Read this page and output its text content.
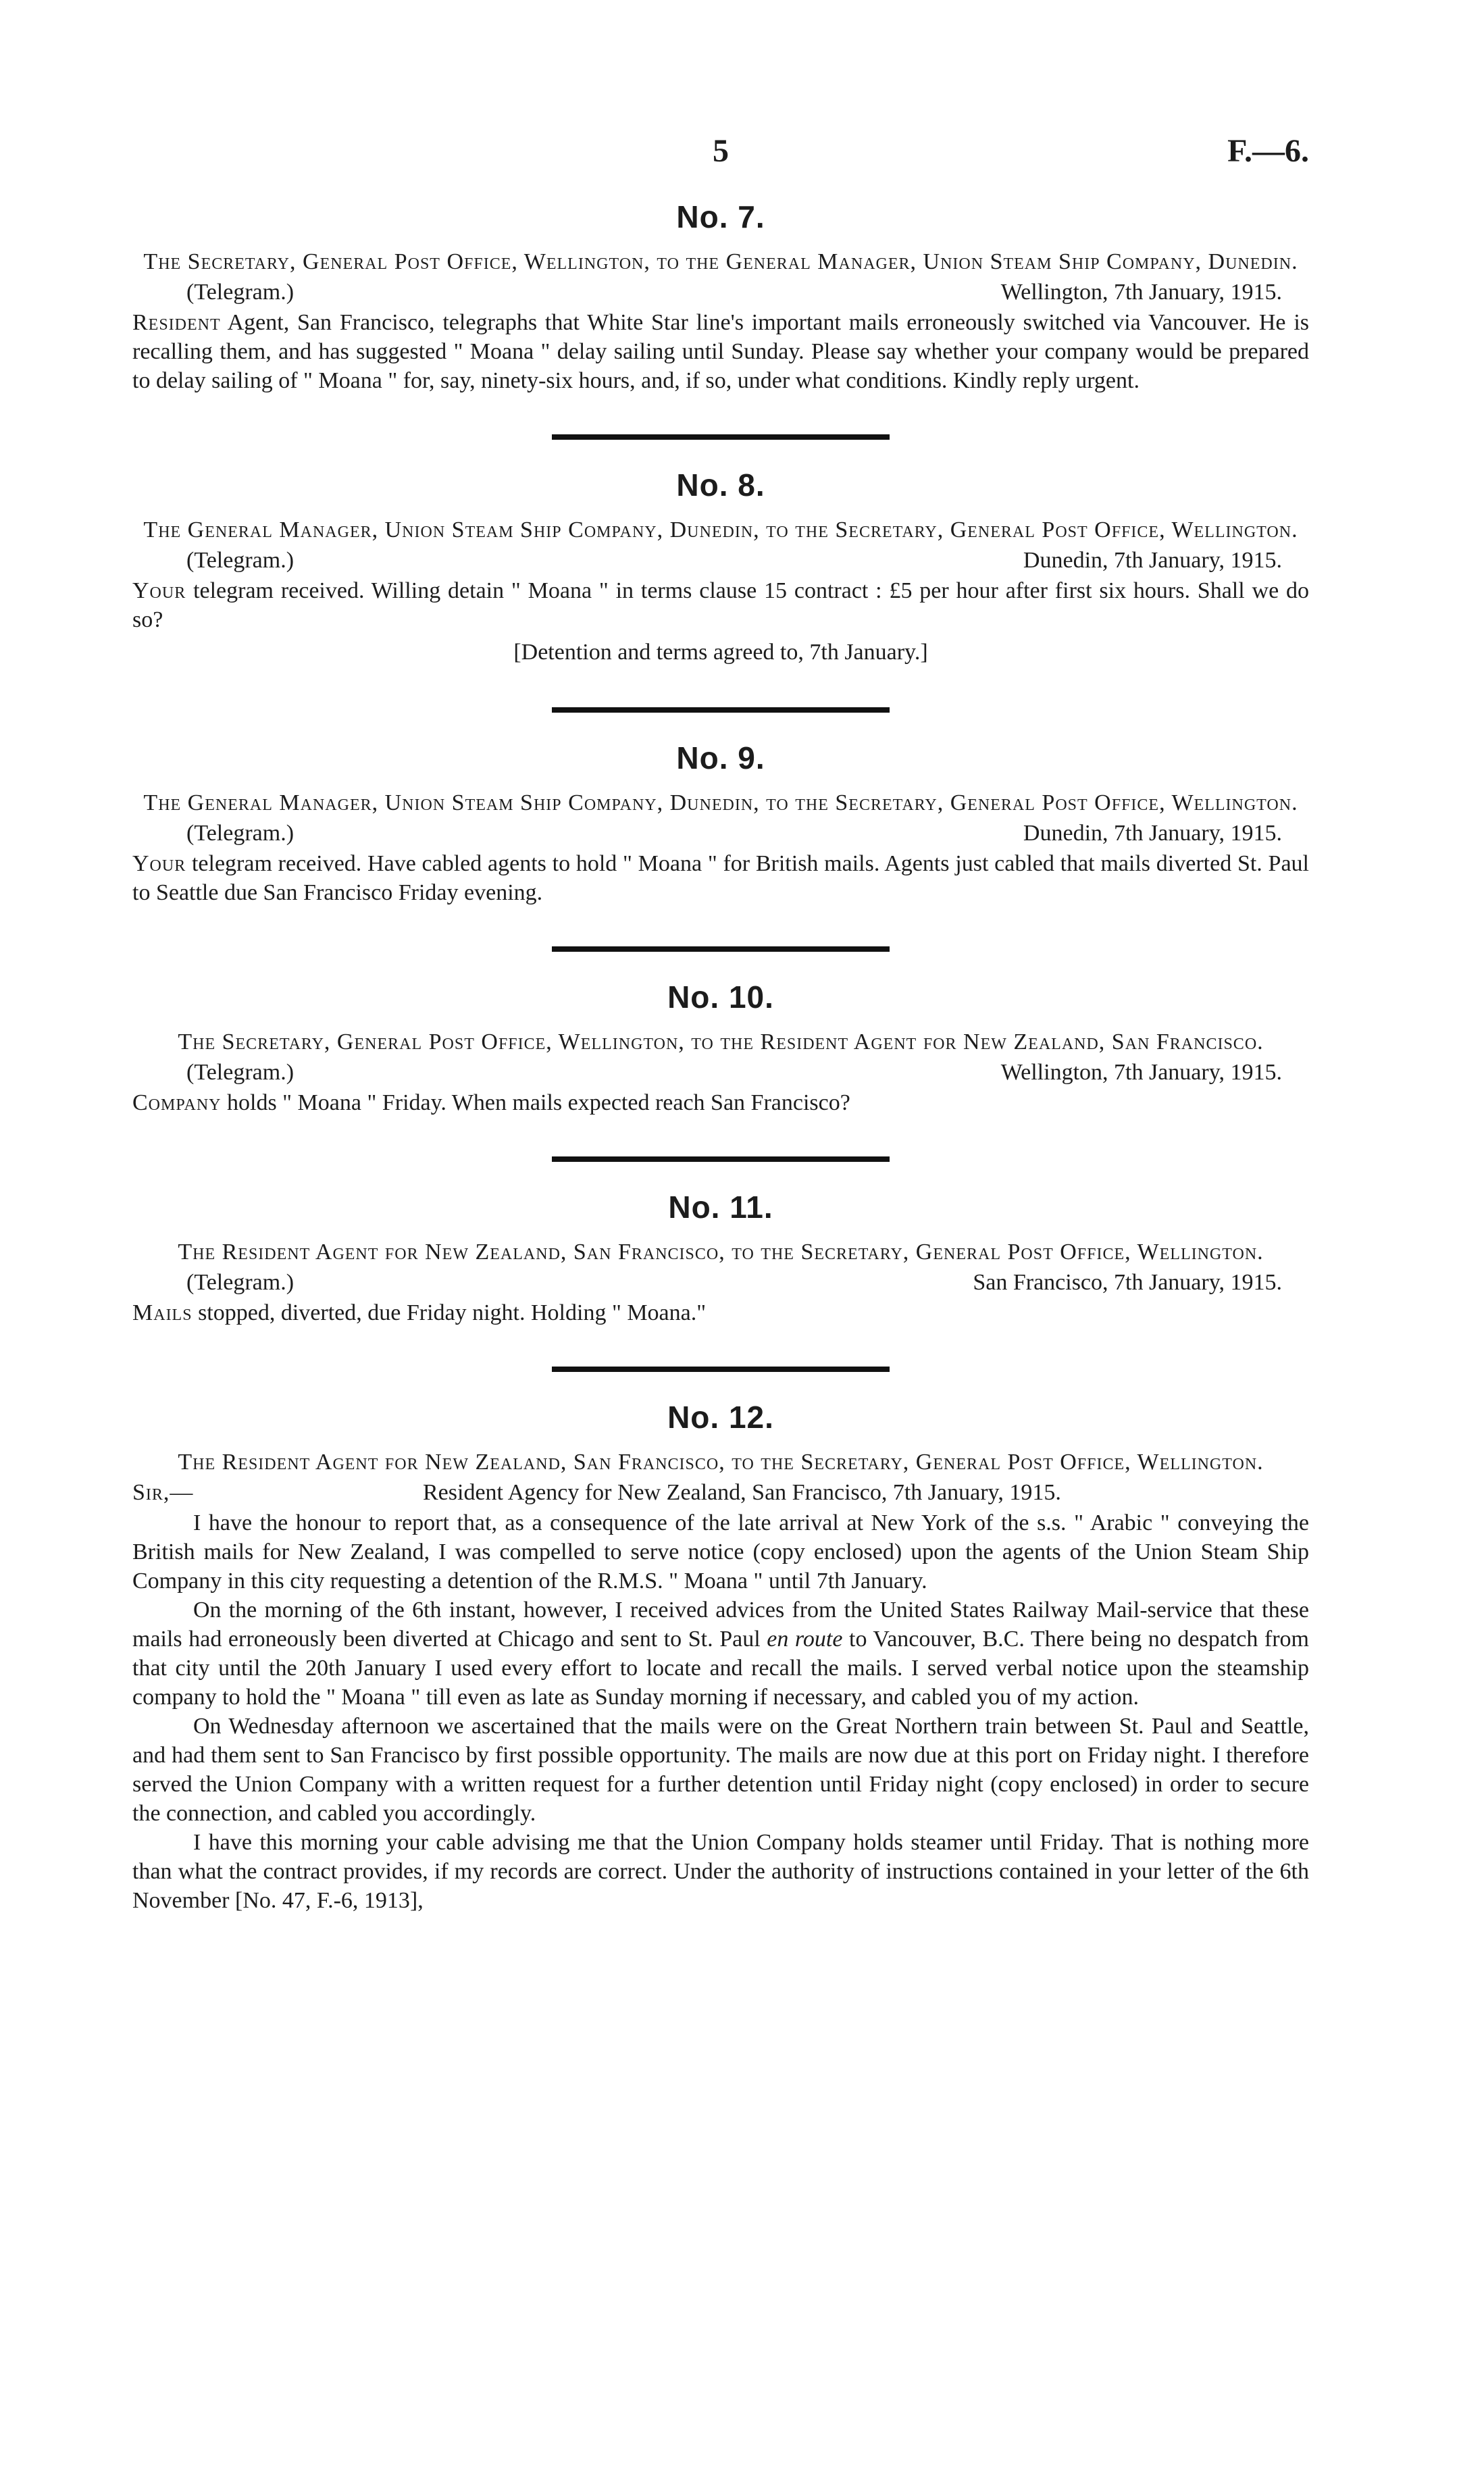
5	F.—6.
No. 7.
The Secretary, General Post Office, Wellington, to the General Manager, Union Steam Ship Company, Dunedin.
(Telegram.)	Wellington, 7th January, 1915.

Resident Agent, San Francisco, telegraphs that White Star line's important mails erroneously switched via Vancouver. He is recalling them, and has suggested " Moana " delay sailing until Sunday. Please say whether your company would be prepared to delay sailing of " Moana " for, say, ninety-six hours, and, if so, under what conditions. Kindly reply urgent.

No. 8.
The General Manager, Union Steam Ship Company, Dunedin, to the Secretary, General Post Office, Wellington.
(Telegram.)	Dunedin, 7th January, 1915.

Your telegram received. Willing detain " Moana " in terms clause 15 contract : £5 per hour after first six hours. Shall we do so?

[Detention and terms agreed to, 7th January.]
No. 9.
The General Manager, Union Steam Ship Company, Dunedin, to the Secretary, General Post Office, Wellington.
(Telegram.)	Dunedin, 7th January, 1915.

Your telegram received. Have cabled agents to hold " Moana " for British mails. Agents just cabled that mails diverted St. Paul to Seattle due San Francisco Friday evening.

No. 10.
The Secretary, General Post Office, Wellington, to the Resident Agent for New Zealand, San Francisco.
(Telegram.)	Wellington, 7th January, 1915.

Company holds " Moana " Friday. When mails expected reach San Francisco?

No. 11.
The Resident Agent for New Zealand, San Francisco, to the Secretary, General Post Office, Wellington.
(Telegram.)	San Francisco, 7th January, 1915.

Mails stopped, diverted, due Friday night. Holding " Moana."

No. 12.
The Resident Agent for New Zealand, San Francisco, to the Secretary, General Post Office, Wellington.
Sir,—	Resident Agency for New Zealand, San Francisco, 7th January, 1915.

I have the honour to report that, as a consequence of the late arrival at New York of the s.s. " Arabic " conveying the British mails for New Zealand, I was compelled to serve notice (copy enclosed) upon the agents of the Union Steam Ship Company in this city requesting a detention of the R.M.S. " Moana " until 7th January.

On the morning of the 6th instant, however, I received advices from the United States Railway Mail-service that these mails had erroneously been diverted at Chicago and sent to St. Paul en route to Vancouver, B.C. There being no despatch from that city until the 20th January I used every effort to locate and recall the mails. I served verbal notice upon the steamship company to hold the " Moana " till even as late as Sunday morning if necessary, and cabled you of my action.

On Wednesday afternoon we ascertained that the mails were on the Great Northern train between St. Paul and Seattle, and had them sent to San Francisco by first possible opportunity. The mails are now due at this port on Friday night. I therefore served the Union Company with a written request for a further detention until Friday night (copy enclosed) in order to secure the connection, and cabled you accordingly.

I have this morning your cable advising me that the Union Company holds steamer until Friday. That is nothing more than what the contract provides, if my records are correct. Under the authority of instructions contained in your letter of the 6th November [No. 47, F.-6, 1913],
